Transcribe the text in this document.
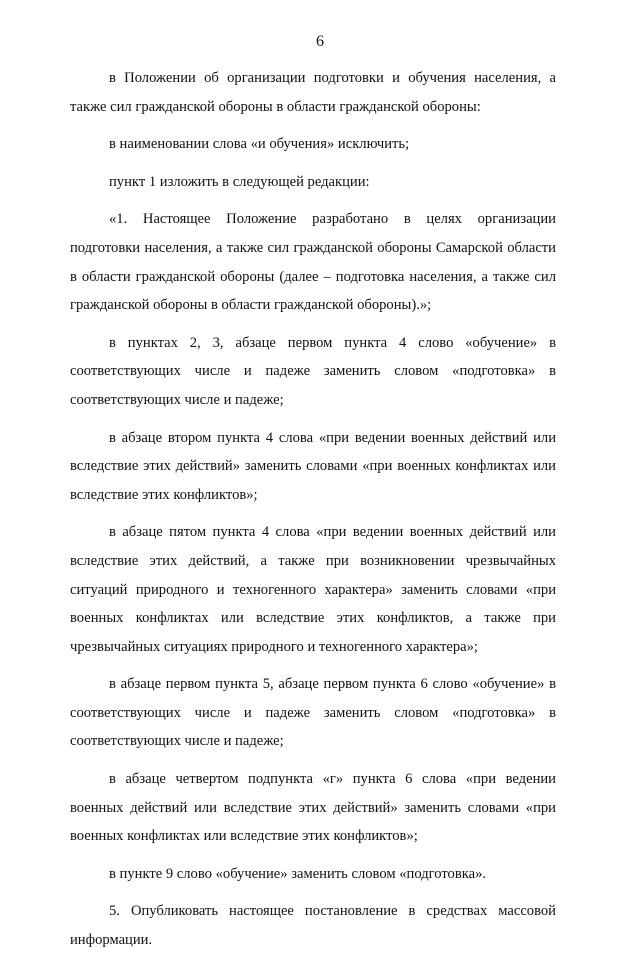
6

в Положении об организации подготовки и обучения населения, а также сил гражданской обороны в области гражданской обороны:

в наименовании слова «и обучения» исключить;

пункт 1 изложить в следующей редакции:

«1. Настоящее Положение разработано в целях организации подготовки населения, а также сил гражданской обороны Самарской области в области гражданской обороны (далее – подготовка населения, а также сил гражданской обороны в области гражданской обороны).»;

в пунктах 2, 3, абзаце первом пункта 4 слово «обучение» в соответствующих числе и падеже заменить словом «подготовка» в соответствующих числе и падеже;

в абзаце втором пункта 4 слова «при ведении военных действий или вследствие этих действий» заменить словами «при военных конфликтах или вследствие этих конфликтов»;

в абзаце пятом пункта 4 слова «при ведении военных действий или вследствие этих действий, а также при возникновении чрезвычайных ситуаций природного и техногенного характера» заменить словами «при военных конфликтах или вследствие этих конфликтов, а также при чрезвычайных ситуациях природного и техногенного характера»;

в абзаце первом пункта 5, абзаце первом пункта 6 слово «обучение» в соответствующих числе и падеже заменить словом «подготовка» в соответствующих числе и падеже;

в абзаце четвертом подпункта «г» пункта 6 слова «при ведении военных действий или вследствие этих действий» заменить словами «при военных конфликтах или вследствие этих конфликтов»;

в пункте 9 слово «обучение» заменить словом «подготовка».

5. Опубликовать настоящее постановление в средствах массовой информации.
